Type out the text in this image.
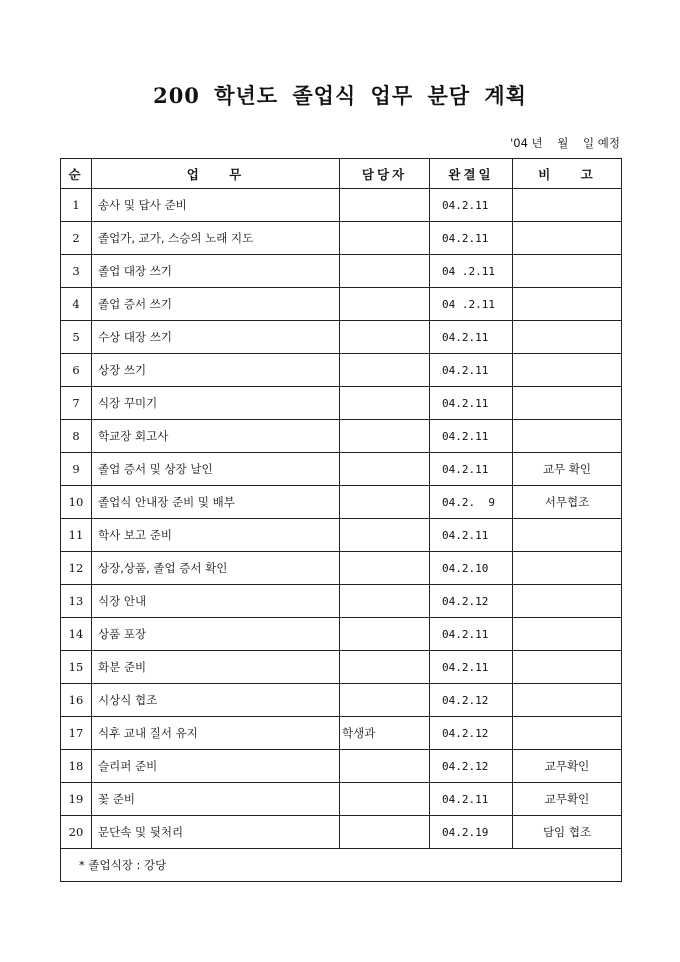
200 학년도 졸업식 업무 분담 계획
'04 년    월    일 예정
순	업 무	담당자	완결일	비 고
1	송사 및 답사 준비		04.2.11	
2	졸업가, 교가, 스승의 노래 지도		04.2.11	
3	졸업 대장 쓰기		04 .2.11	
4	졸업 증서 쓰기		04 .2.11	
5	수상 대장 쓰기		04.2.11	
6	상장 쓰기		04.2.11	
7	식장 꾸미기		04.2.11	
8	학교장 회고사		04.2.11	
9	졸업 증서 및 상장 날인		04.2.11	교무 확인
10	졸업식 안내장 준비 및 배부		04.2.  9	서무협조
11	학사 보고 준비		04.2.11	
12	상장,상품, 졸업 증서 확인		04.2.10	
13	식장 안내		04.2.12	
14	상품 포장		04.2.11	
15	화분 준비		04.2.11	
16	시상식 협조		04.2.12	
17	식후 교내 질서 유지	학생과	04.2.12	
18	슬리퍼 준비		04.2.12	교무확인
19	꽃 준비		04.2.11	교무확인
20	문단속 및 뒷처리		04.2.19	담임 협조
* 졸업식장 : 강당				
